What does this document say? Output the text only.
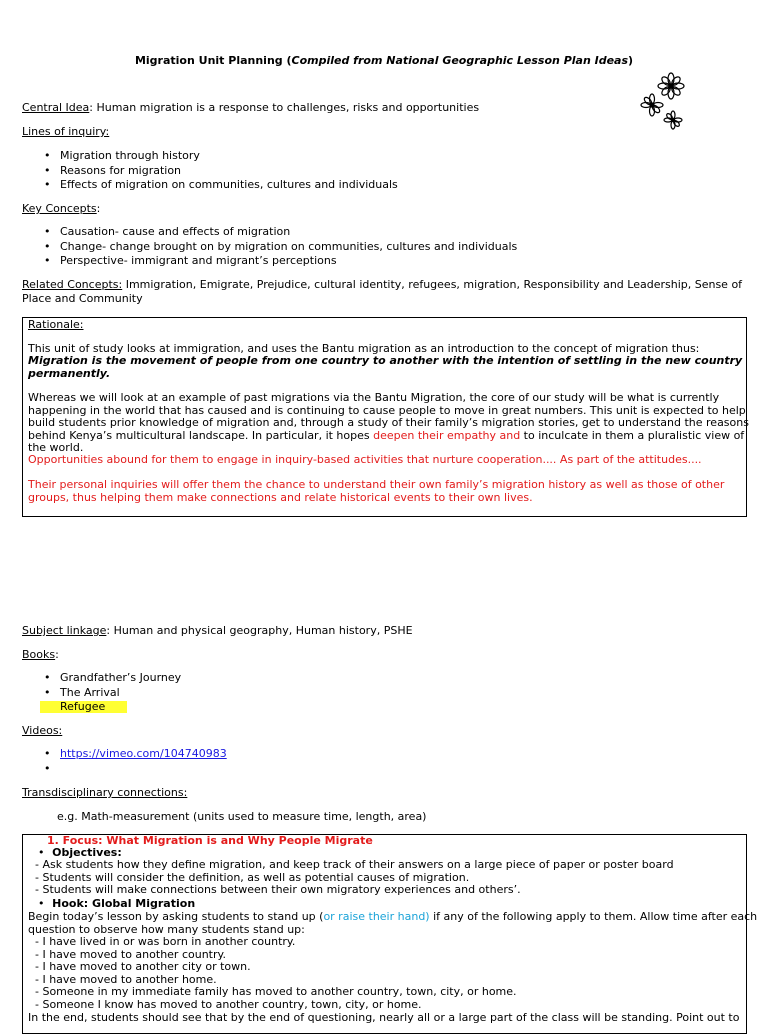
Migration Unit Planning (Compiled from National Geographic Lesson Plan Ideas)
Central Idea: Human migration is a response to challenges, risks and opportunities
Lines of inquiry:
• Migration through history
• Reasons for migration
• Effects of migration on communities, cultures and individuals
Key Concepts:
• Causation- cause and effects of migration
• Change- change brought on by migration on communities, cultures and individuals
• Perspective- immigrant and migrant’s perceptions
Related Concepts: Immigration, Emigrate, Prejudice, cultural identity, refugees, migration, Responsibility and Leadership, Sense of
Place and Community
Rationale:
This unit of study looks at immigration, and uses the Bantu migration as an introduction to the concept of migration thus:
Migration is the movement of people from one country to another with the intention of settling in the new country
permanently.
Whereas we will look at an example of past migrations via the Bantu Migration, the core of our study will be what is currently
happening in the world that has caused and is continuing to cause people to move in great numbers. This unit is expected to help
build students prior knowledge of migration and, through a study of their family’s migration stories, get to understand the reasons
behind Kenya’s multicultural landscape. In particular, it hopes deepen their empathy and to inculcate in them a pluralistic view of
the world.
Opportunities abound for them to engage in inquiry-based activities that nurture cooperation.... As part of the attitudes....
Their personal inquiries will offer them the chance to understand their own family’s migration history as well as those of other
groups, thus helping them make connections and relate historical events to their own lives.
Subject linkage: Human and physical geography, Human history, PSHE
Books:
• Grandfather’s Journey
• The Arrival
• Refugee
Videos:
• https://vimeo.com/104740983
•
Transdisciplinary connections:
e.g. Math-measurement (units used to measure time, length, area)
1. Focus: What Migration is and Why People Migrate
• Objectives:
- Ask students how they define migration, and keep track of their answers on a large piece of paper or poster board
- Students will consider the definition, as well as potential causes of migration.
- Students will make connections between their own migratory experiences and others’.
• Hook: Global Migration
Begin today’s lesson by asking students to stand up (or raise their hand) if any of the following apply to them. Allow time after each
question to observe how many students stand up:
- I have lived in or was born in another country.
- I have moved to another country.
- I have moved to another city or town.
- I have moved to another home.
- Someone in my immediate family has moved to another country, town, city, or home.
- Someone I know has moved to another country, town, city, or home.
In the end, students should see that by the end of questioning, nearly all or a large part of the class will be standing. Point out to
